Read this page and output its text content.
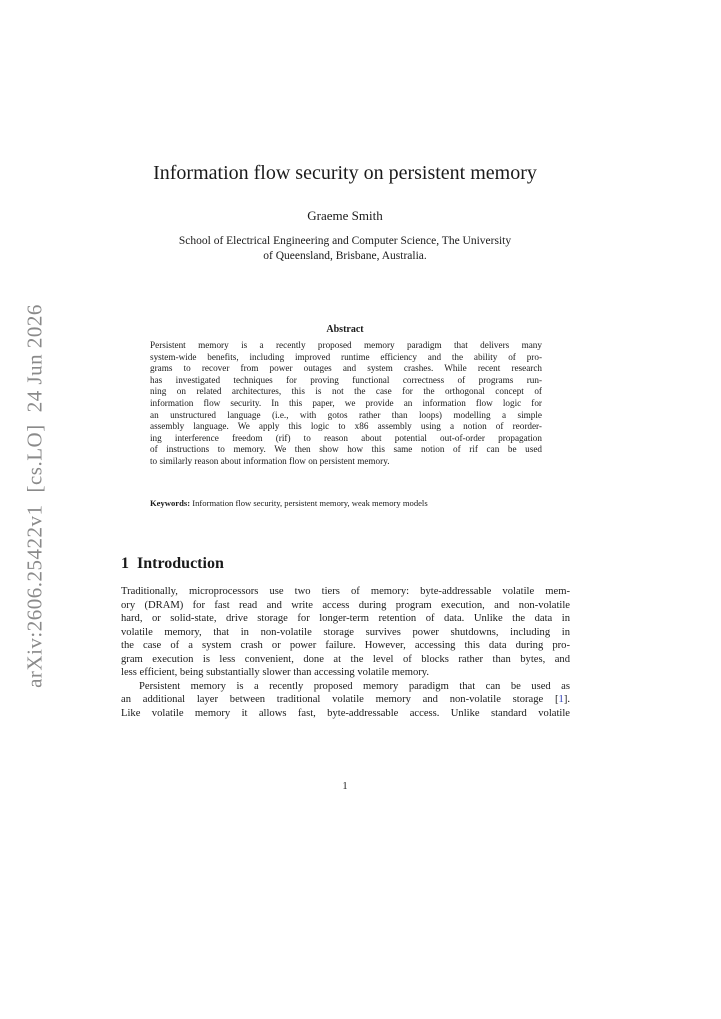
arXiv:2606.25422v1[cs.LO]24 Jun 2026
Information flow security on persistent memory
Graeme Smith
School of Electrical Engineering and Computer Science, The University
of Queensland, Brisbane, Australia.
Abstract
Persistent memory is a recently proposed memory paradigm that delivers many
system-wide benefits, including improved runtime efficiency and the ability of pro-
grams to recover from power outages and system crashes. While recent research
has investigated techniques for proving functional correctness of programs run-
ning on related architectures, this is not the case for the orthogonal concept of
information flow security. In this paper, we provide an information flow logic for
an unstructured language (i.e., with gotos rather than loops) modelling a simple
assembly language. We apply this logic to x86 assembly using a notion of reorder-
ing interference freedom (rif) to reason about potential out-of-order propagation
of instructions to memory. We then show how this same notion of rif can be used
to similarly reason about information flow on persistent memory.
Keywords: Information flow security, persistent memory, weak memory models
1 Introduction
Traditionally, microprocessors use two tiers of memory: byte-addressable volatile mem-
ory (DRAM) for fast read and write access during program execution, and non-volatile
hard, or solid-state, drive storage for longer-term retention of data. Unlike the data in
volatile memory, that in non-volatile storage survives power shutdowns, including in
the case of a system crash or power failure. However, accessing this data during pro-
gram execution is less convenient, done at the level of blocks rather than bytes, and
less efficient, being substantially slower than accessing volatile memory.
Persistent memory is a recently proposed memory paradigm that can be used as
an additional layer between traditional volatile memory and non-volatile storage [1].
Like volatile memory it allows fast, byte-addressable access. Unlike standard volatile
1
